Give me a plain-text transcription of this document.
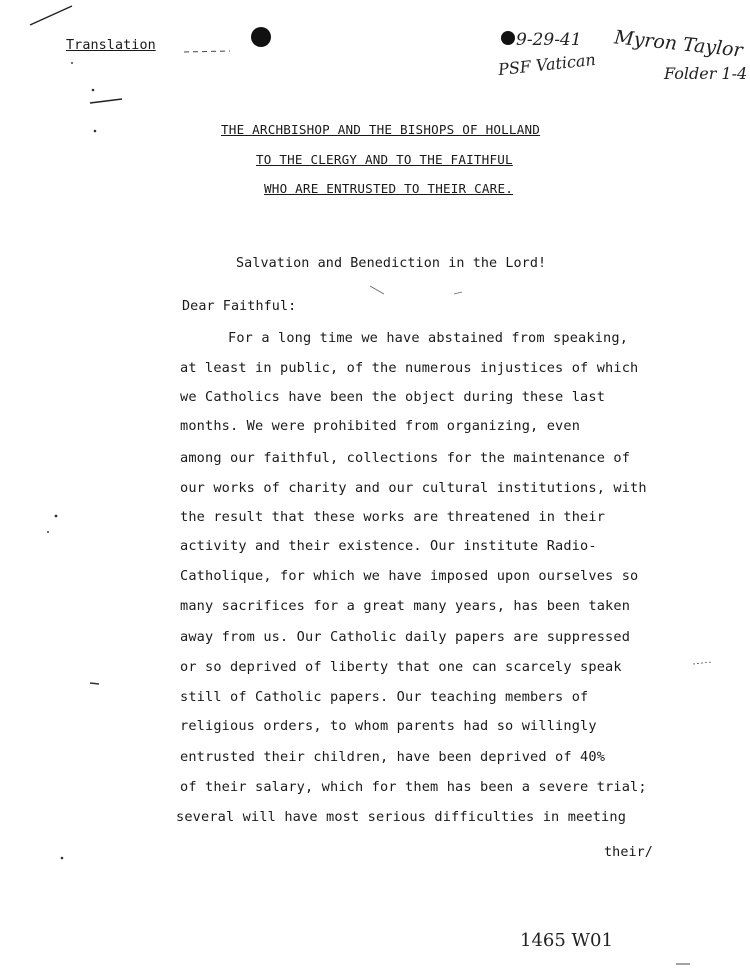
Translation	9-29-41
PSF Vatican
Myron Taylor
Folder 1-4
THE ARCHBISHOP AND THE BISHOPS OF HOLLAND
TO THE CLERGY AND TO THE FAITHFUL
WHO ARE ENTRUSTED TO THEIR CARE.
Salvation and Benediction in the Lord!
Dear Faithful:
For a long time we have abstained from speaking,
at least in public, of the numerous injustices of which
we Catholics have been the object during these last
months. We were prohibited from organizing, even
among our faithful, collections for the maintenance of
our works of charity and our cultural institutions, with
the result that these works are threatened in their
activity and their existence. Our institute Radio-
Catholique, for which we have imposed upon ourselves so
many sacrifices for a great many years, has been taken
away from us. Our Catholic daily papers are suppressed
or so deprived of liberty that one can scarcely speak
still of Catholic papers. Our teaching members of
religious orders, to whom parents had so willingly
entrusted their children, have been deprived of 40%
of their salary, which for them has been a severe trial;
several will have most serious difficulties in meeting
their/
1465 W01
